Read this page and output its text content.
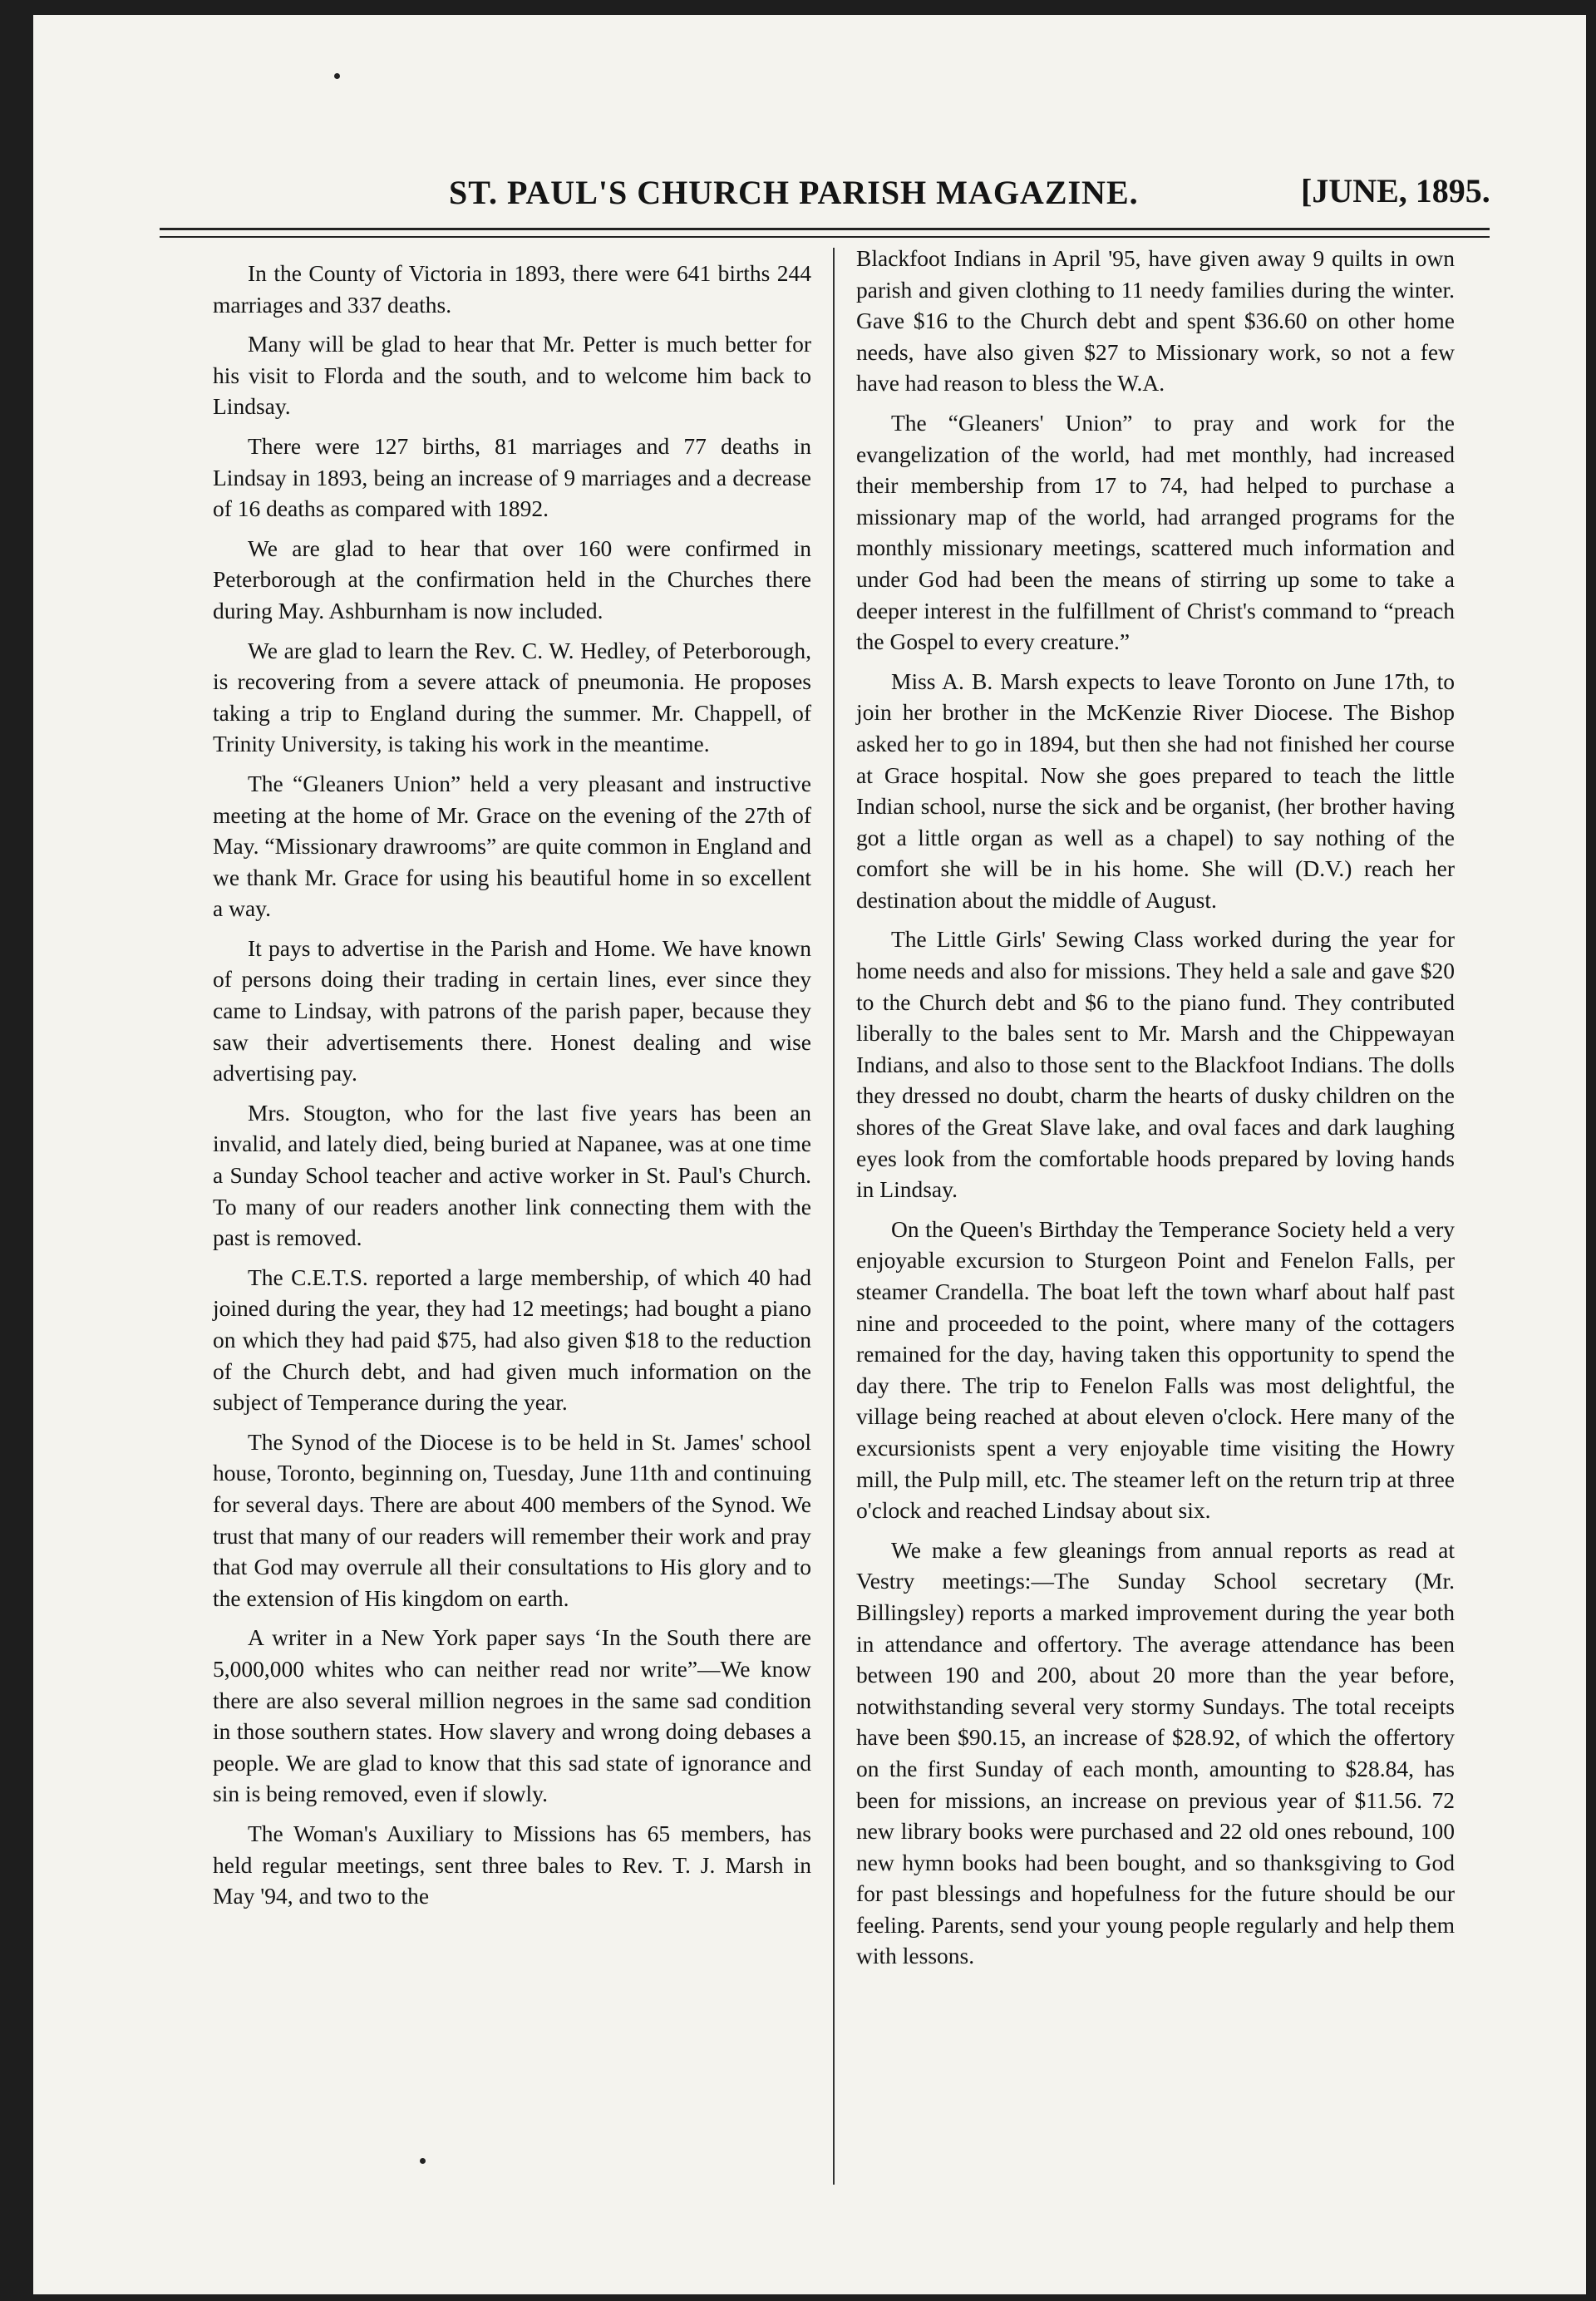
ST. PAUL'S CHURCH PARISH MAGAZINE.	[JUNE, 1895.

In the County of Victoria in 1893, there were 641 births 244 marriages and 337 deaths.

Many will be glad to hear that Mr. Petter is much better for his visit to Florda and the south, and to welcome him back to Lindsay.

There were 127 births, 81 marriages and 77 deaths in Lindsay in 1893, being an increase of 9 marriages and a decrease of 16 deaths as compared with 1892.

We are glad to hear that over 160 were confirmed in Peterborough at the confirmation held in the Churches there during May. Ashburnham is now included.

We are glad to learn the Rev. C. W. Hedley, of Peterborough, is recovering from a severe attack of pneumonia. He proposes taking a trip to England during the summer. Mr. Chappell, of Trinity University, is taking his work in the meantime.

The “Gleaners Union” held a very pleasant and instructive meeting at the home of Mr. Grace on the evening of the 27th of May. “Missionary drawrooms” are quite common in England and we thank Mr. Grace for using his beautiful home in so excellent a way.

It pays to advertise in the Parish and Home. We have known of persons doing their trading in certain lines, ever since they came to Lindsay, with patrons of the parish paper, because they saw their advertisements there. Honest dealing and wise advertising pay.

Mrs. Stougton, who for the last five years has been an invalid, and lately died, being buried at Napanee, was at one time a Sunday School teacher and active worker in St. Paul's Church. To many of our readers another link connecting them with the past is removed.

The C.E.T.S. reported a large membership, of which 40 had joined during the year, they had 12 meetings; had bought a piano on which they had paid $75, had also given $18 to the reduction of the Church debt, and had given much information on the subject of Temperance during the year.

The Synod of the Diocese is to be held in St. James' school house, Toronto, beginning on, Tuesday, June 11th and continuing for several days. There are about 400 members of the Synod. We trust that many of our readers will remember their work and pray that God may overrule all their consultations to His glory and to the extension of His kingdom on earth.

A writer in a New York paper says ‘In the South there are 5,000,000 whites who can neither read nor write”—We know there are also several million negroes in the same sad condition in those southern states. How slavery and wrong doing debases a people. We are glad to know that this sad state of ignorance and sin is being removed, even if slowly.

The Woman's Auxiliary to Missions has 65 members, has held regular meetings, sent three bales to Rev. T. J. Marsh in May '94, and two to the

Blackfoot Indians in April '95, have given away 9 quilts in own parish and given clothing to 11 needy families during the winter. Gave $16 to the Church debt and spent $36.60 on other home needs, have also given $27 to Missionary work, so not a few have had reason to bless the W.A.

The “Gleaners' Union” to pray and work for the evangelization of the world, had met monthly, had increased their membership from 17 to 74, had helped to purchase a missionary map of the world, had arranged programs for the monthly missionary meetings, scattered much information and under God had been the means of stirring up some to take a deeper interest in the fulfillment of Christ's command to “preach the Gospel to every creature.”

Miss A. B. Marsh expects to leave Toronto on June 17th, to join her brother in the McKenzie River Diocese. The Bishop asked her to go in 1894, but then she had not finished her course at Grace hospital. Now she goes prepared to teach the little Indian school, nurse the sick and be organist, (her brother having got a little organ as well as a chapel) to say nothing of the comfort she will be in his home. She will (D.V.) reach her destination about the middle of August.

The Little Girls' Sewing Class worked during the year for home needs and also for missions. They held a sale and gave $20 to the Church debt and $6 to the piano fund. They contributed liberally to the bales sent to Mr. Marsh and the Chippewayan Indians, and also to those sent to the Blackfoot Indians. The dolls they dressed no doubt, charm the hearts of dusky children on the shores of the Great Slave lake, and oval faces and dark laughing eyes look from the comfortable hoods prepared by loving hands in Lindsay.

On the Queen's Birthday the Temperance Society held a very enjoyable excursion to Sturgeon Point and Fenelon Falls, per steamer Crandella. The boat left the town wharf about half past nine and proceeded to the point, where many of the cottagers remained for the day, having taken this opportunity to spend the day there. The trip to Fenelon Falls was most delightful, the village being reached at about eleven o'clock. Here many of the excursionists spent a very enjoyable time visiting the Howry mill, the Pulp mill, etc. The steamer left on the return trip at three o'clock and reached Lindsay about six.

We make a few gleanings from annual reports as read at Vestry meetings:—The Sunday School secretary (Mr. Billingsley) reports a marked improvement during the year both in attendance and offertory. The average attendance has been between 190 and 200, about 20 more than the year before, notwithstanding several very stormy Sundays. The total receipts have been $90.15, an increase of $28.92, of which the offertory on the first Sunday of each month, amounting to $28.84, has been for missions, an increase on previous year of $11.56. 72 new library books were purchased and 22 old ones rebound, 100 new hymn books had been bought, and so thanksgiving to God for past blessings and hopefulness for the future should be our feeling. Parents, send your young people regularly and help them with lessons.
